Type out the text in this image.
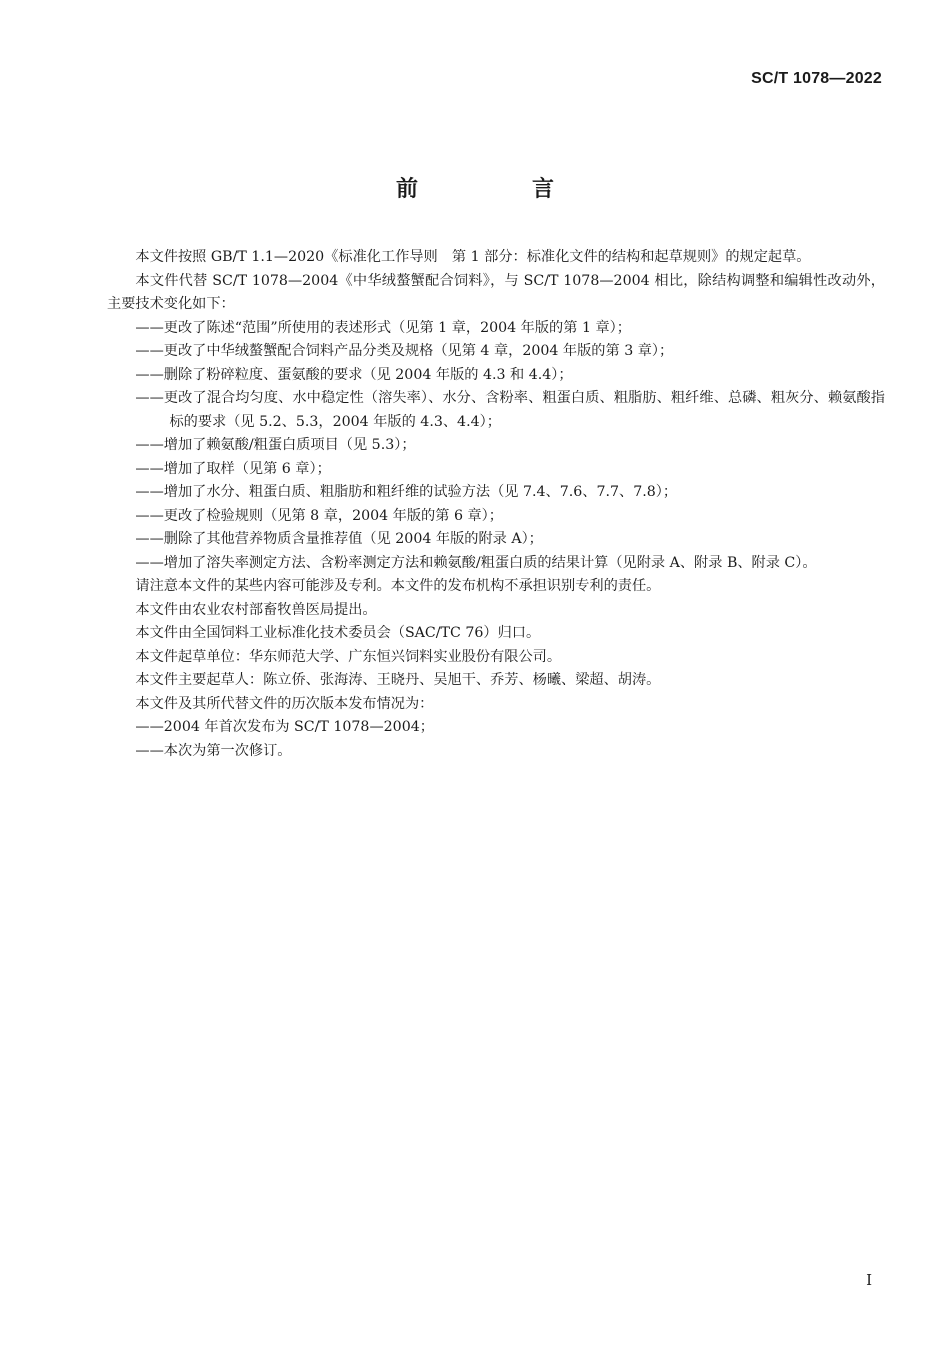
SC/T 1078—2022
前　言

本文件按照 GB/T 1.1—2020《标准化工作导则　第 1 部分：标准化文件的结构和起草规则》的规定起草。

本文件代替 SC/T 1078—2004《中华绒螯蟹配合饲料》，与 SC/T 1078—2004 相比，除结构调整和编辑性改动外，主要技术变化如下：

——更改了陈述“范围”所使用的表述形式（见第 1 章，2004 年版的第 1 章）；

——更改了中华绒螯蟹配合饲料产品分类及规格（见第 4 章，2004 年版的第 3 章）；

——删除了粉碎粒度、蛋氨酸的要求（见 2004 年版的 4.3 和 4.4）；

——更改了混合均匀度、水中稳定性（溶失率）、水分、含粉率、粗蛋白质、粗脂肪、粗纤维、总磷、粗灰分、赖氨酸指标的要求（见 5.2、5.3，2004 年版的 4.3、4.4）；

——增加了赖氨酸/粗蛋白质项目（见 5.3）；

——增加了取样（见第 6 章）；

——增加了水分、粗蛋白质、粗脂肪和粗纤维的试验方法（见 7.4、7.6、7.7、7.8）；

——更改了检验规则（见第 8 章，2004 年版的第 6 章）；

——删除了其他营养物质含量推荐值（见 2004 年版的附录 A）；

——增加了溶失率测定方法、含粉率测定方法和赖氨酸/粗蛋白质的结果计算（见附录 A、附录 B、附录 C）。

请注意本文件的某些内容可能涉及专利。本文件的发布机构不承担识别专利的责任。

本文件由农业农村部畜牧兽医局提出。

本文件由全国饲料工业标准化技术委员会（SAC/TC 76）归口。

本文件起草单位：华东师范大学、广东恒兴饲料实业股份有限公司。

本文件主要起草人：陈立侨、张海涛、王晓丹、吴旭干、乔芳、杨曦、梁超、胡涛。

本文件及其所代替文件的历次版本发布情况为：

——2004 年首次发布为 SC/T 1078—2004；

——本次为第一次修订。

I
